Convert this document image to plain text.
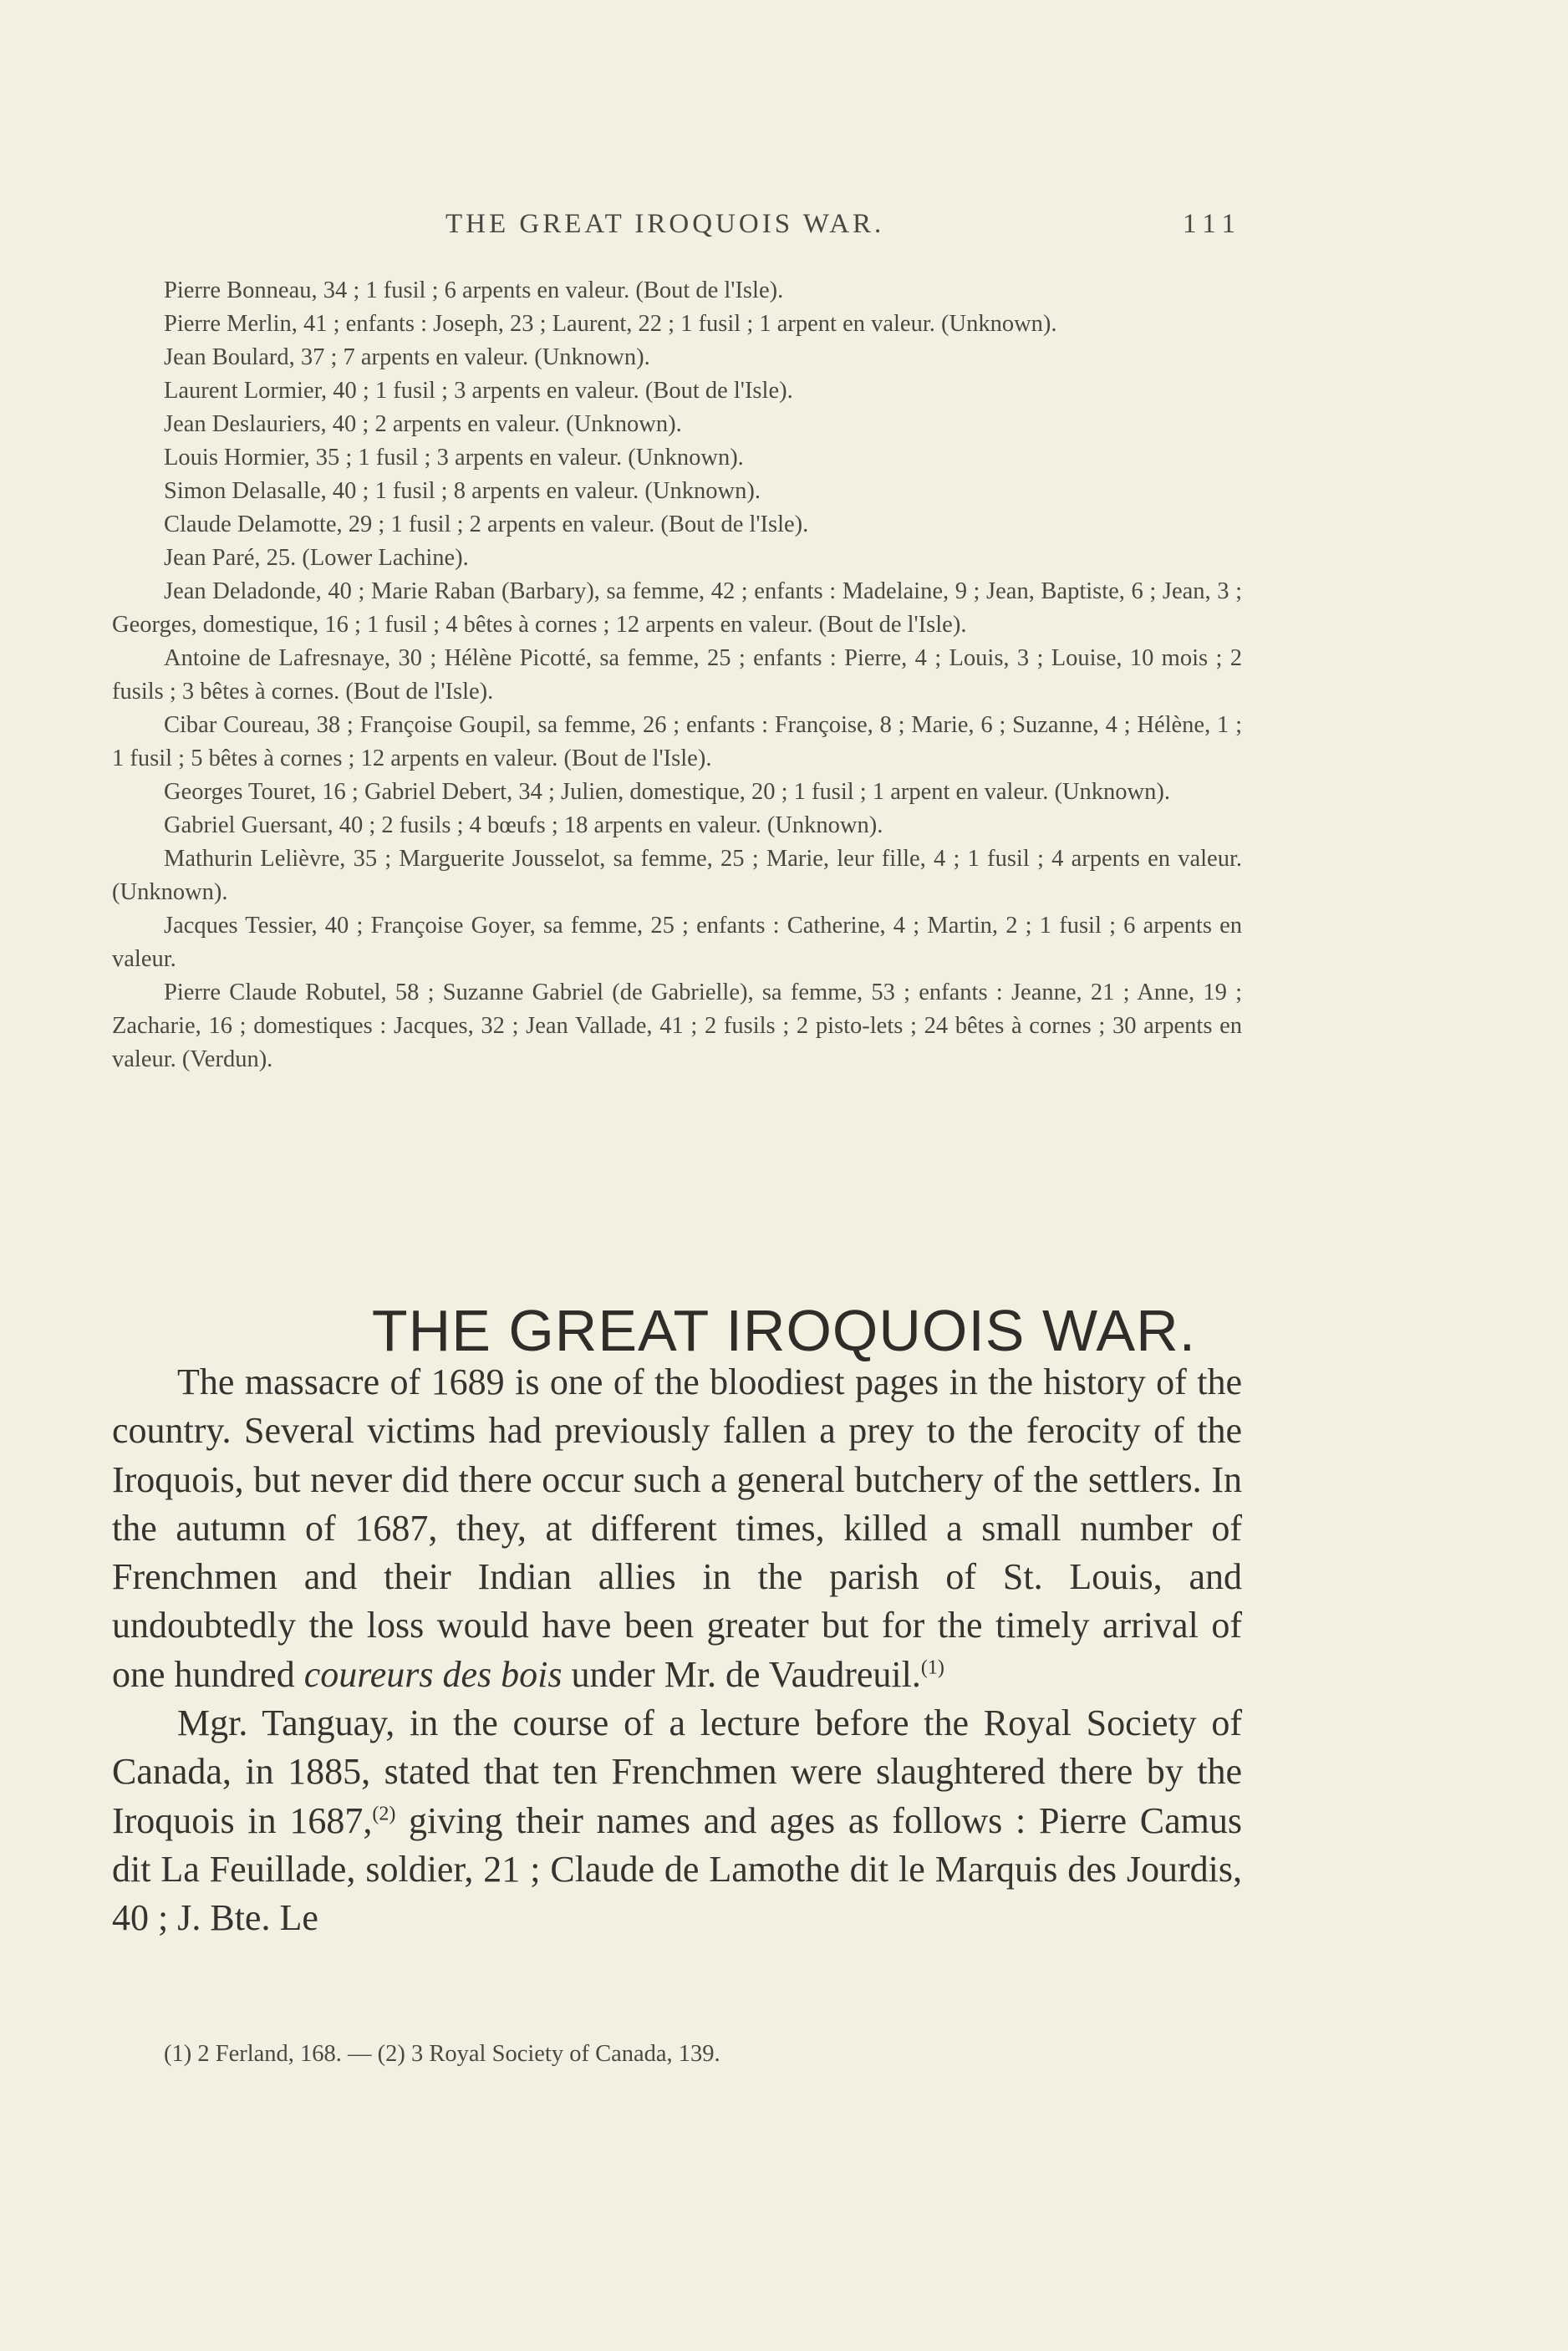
THE GREAT IROQUOIS WAR.	111

Pierre Bonneau, 34 ; 1 fusil ; 6 arpents en valeur. (Bout de l'Isle).

Pierre Merlin, 41 ; enfants : Joseph, 23 ; Laurent, 22 ; 1 fusil ; 1 arpent en valeur. (Unknown).

Jean Boulard, 37 ; 7 arpents en valeur. (Unknown).

Laurent Lormier, 40 ; 1 fusil ; 3 arpents en valeur. (Bout de l'Isle).

Jean Deslauriers, 40 ; 2 arpents en valeur. (Unknown).

Louis Hormier, 35 ; 1 fusil ; 3 arpents en valeur. (Unknown).

Simon Delasalle, 40 ; 1 fusil ; 8 arpents en valeur. (Unknown).

Claude Delamotte, 29 ; 1 fusil ; 2 arpents en valeur. (Bout de l'Isle).

Jean Paré, 25. (Lower Lachine).

Jean Deladonde, 40 ; Marie Raban (Barbary), sa femme, 42 ; enfants : Madelaine, 9 ; Jean, Baptiste, 6 ; Jean, 3 ; Georges, domestique, 16 ; 1 fusil ; 4 bêtes à cornes ; 12 arpents en valeur. (Bout de l'Isle).

Antoine de Lafresnaye, 30 ; Hélène Picotté, sa femme, 25 ; enfants : Pierre, 4 ; Louis, 3 ; Louise, 10 mois ; 2 fusils ; 3 bêtes à cornes. (Bout de l'Isle).

Cibar Coureau, 38 ; Françoise Goupil, sa femme, 26 ; enfants : Françoise, 8 ; Marie, 6 ; Suzanne, 4 ; Hélène, 1 ; 1 fusil ; 5 bêtes à cornes ; 12 arpents en valeur. (Bout de l'Isle).

Georges Touret, 16 ; Gabriel Debert, 34 ; Julien, domestique, 20 ; 1 fusil ; 1 arpent en valeur. (Unknown).

Gabriel Guersant, 40 ; 2 fusils ; 4 bœufs ; 18 arpents en valeur. (Unknown).

Mathurin Lelièvre, 35 ; Marguerite Jousselot, sa femme, 25 ; Marie, leur fille, 4 ; 1 fusil ; 4 arpents en valeur. (Unknown).

Jacques Tessier, 40 ; Françoise Goyer, sa femme, 25 ; enfants : Catherine, 4 ; Martin, 2 ; 1 fusil ; 6 arpents en valeur.

Pierre Claude Robutel, 58 ; Suzanne Gabriel (de Gabrielle), sa femme, 53 ; enfants : Jeanne, 21 ; Anne, 19 ; Zacharie, 16 ; domestiques : Jacques, 32 ; Jean Vallade, 41 ; 2 fusils ; 2 pisto-lets ; 24 bêtes à cornes ; 30 arpents en valeur. (Verdun).

THE GREAT IROQUOIS WAR.

The massacre of 1689 is one of the bloodiest pages in the history of the country. Several victims had previously fallen a prey to the ferocity of the Iroquois, but never did there occur such a general butchery of the settlers. In the autumn of 1687, they, at different times, killed a small number of Frenchmen and their Indian allies in the parish of St. Louis, and undoubtedly the loss would have been greater but for the timely arrival of one hundred coureurs des bois under Mr. de Vaudreuil.$^{(1)}$

Mgr. Tanguay, in the course of a lecture before the Royal Society of Canada, in 1885, stated that ten Frenchmen were slaughtered there by the Iroquois in 1687,$^{(2)}$ giving their names and ages as follows : Pierre Camus dit La Feuillade, soldier, 21 ; Claude de Lamothe dit le Marquis des Jourdis, 40 ; J. Bte. Le

(1) 2 Ferland, 168. — (2) 3 Royal Society of Canada, 139.
